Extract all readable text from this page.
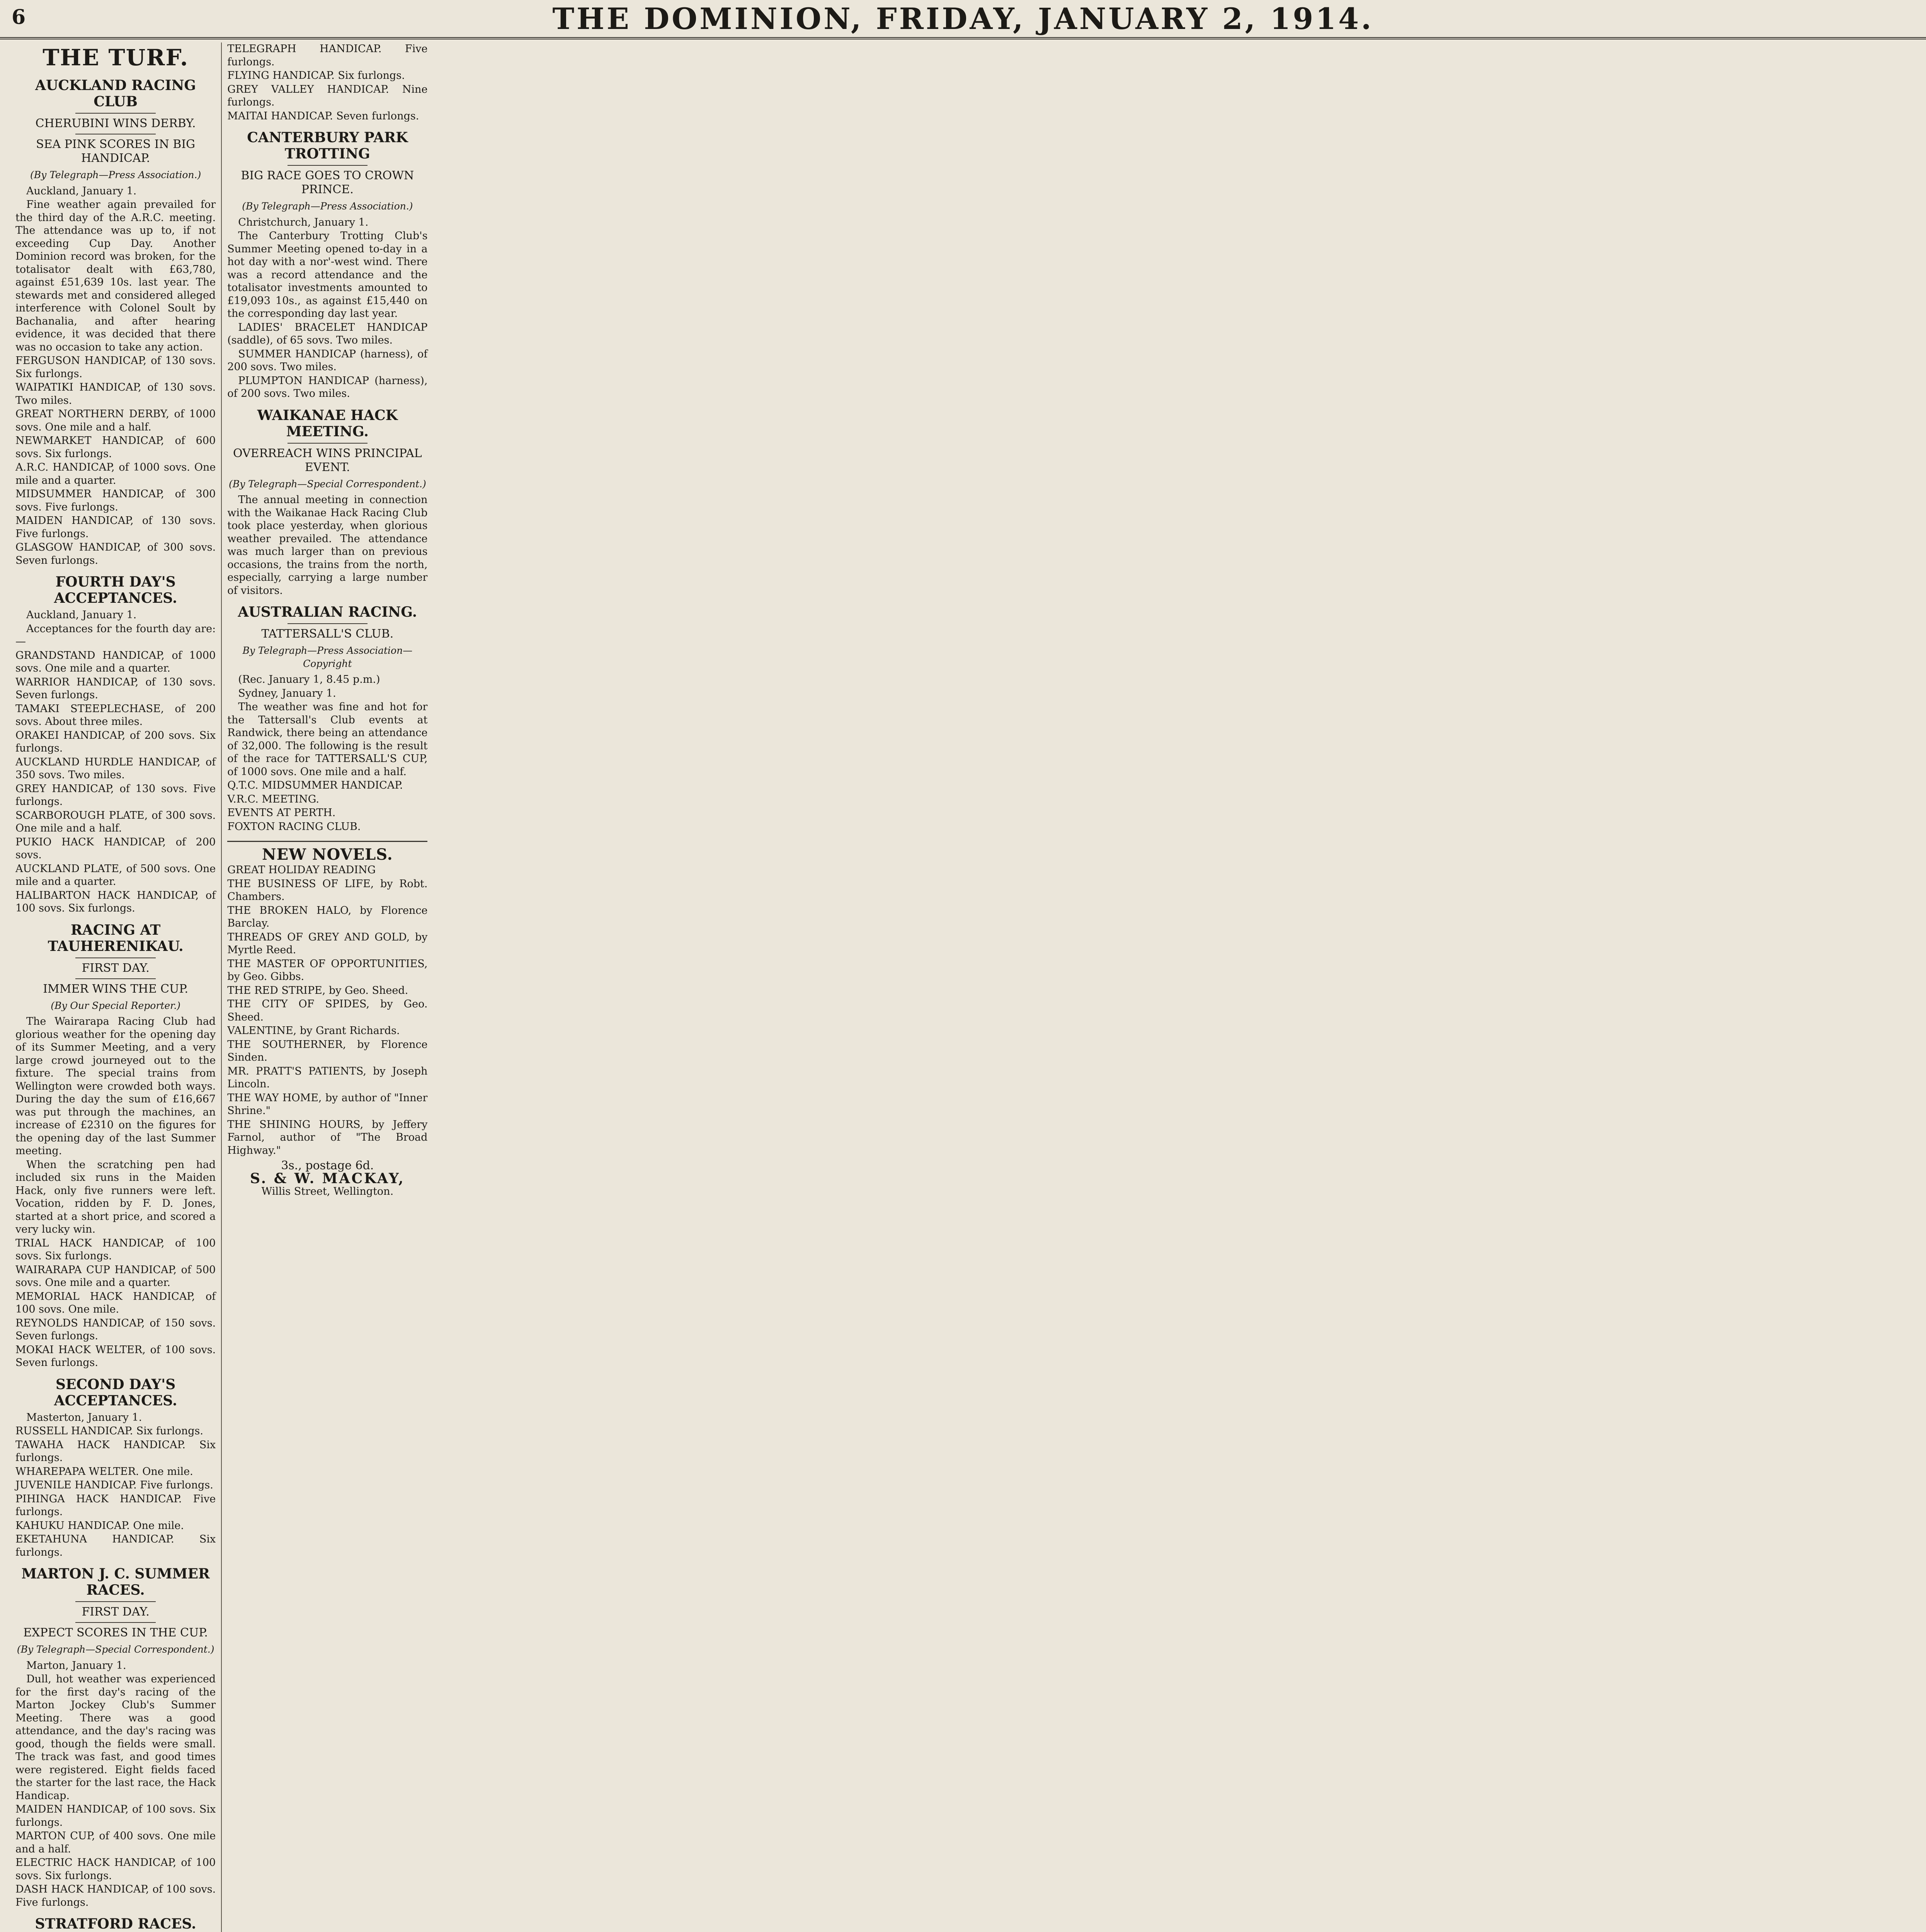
6	THE DOMINION, FRIDAY, JANUARY 2, 1914.
THE TURF.
AUCKLAND RACING CLUB
CHERUBINI WINS DERBY.
SEA PINK SCORES IN BIG HANDICAP.
(By Telegraph—Press Association.)

Auckland, January 1.

Fine weather again prevailed for the third day of the A.R.C. meeting. The attendance was up to, if not exceeding Cup Day. Another Dominion record was broken, for the totalisator dealt with £63,780, against £51,639 10s. last year. The stewards met and considered alleged interference with Colonel Soult by Bachanalia, and after hearing evidence, it was decided that there was no occasion to take any action.

FERGUSON HANDICAP, of 130 sovs. Six furlongs.

WAIPATIKI HANDICAP, of 130 sovs. Two miles.

GREAT NORTHERN DERBY, of 1000 sovs. One mile and a half.

NEWMARKET HANDICAP, of 600 sovs. Six furlongs.

A.R.C. HANDICAP, of 1000 sovs. One mile and a quarter.

MIDSUMMER HANDICAP, of 300 sovs. Five furlongs.

MAIDEN HANDICAP, of 130 sovs. Five furlongs.

GLASGOW HANDICAP, of 300 sovs. Seven furlongs.

FOURTH DAY'S ACCEPTANCES.

Auckland, January 1.

Acceptances for the fourth day are:—

GRANDSTAND HANDICAP, of 1000 sovs. One mile and a quarter.

WARRIOR HANDICAP, of 130 sovs. Seven furlongs.

TAMAKI STEEPLECHASE, of 200 sovs. About three miles.

ORAKEI HANDICAP, of 200 sovs. Six furlongs.

AUCKLAND HURDLE HANDICAP, of 350 sovs. Two miles.

GREY HANDICAP, of 130 sovs. Five furlongs.

SCARBOROUGH PLATE, of 300 sovs. One mile and a half.

PUKIO HACK HANDICAP, of 200 sovs.

AUCKLAND PLATE, of 500 sovs. One mile and a quarter.

HALIBARTON HACK HANDICAP, of 100 sovs. Six furlongs.

RACING AT TAUHERENIKAU.
FIRST DAY.
IMMER WINS THE CUP.
(By Our Special Reporter.)

The Wairarapa Racing Club had glorious weather for the opening day of its Summer Meeting, and a very large crowd journeyed out to the fixture. The special trains from Wellington were crowded both ways. During the day the sum of £16,667 was put through the machines, an increase of £2310 on the figures for the opening day of the last Summer meeting.

When the scratching pen had included six runs in the Maiden Hack, only five runners were left. Vocation, ridden by F. D. Jones, started at a short price, and scored a very lucky win.

TRIAL HACK HANDICAP, of 100 sovs. Six furlongs.

WAIRARAPA CUP HANDICAP, of 500 sovs. One mile and a quarter.

MEMORIAL HACK HANDICAP, of 100 sovs. One mile.

REYNOLDS HANDICAP, of 150 sovs. Seven furlongs.

MOKAI HACK WELTER, of 100 sovs. Seven furlongs.

SECOND DAY'S ACCEPTANCES.

Masterton, January 1.

RUSSELL HANDICAP. Six furlongs.

TAWAHA HACK HANDICAP. Six furlongs.

WHAREPAPA WELTER. One mile.

JUVENILE HANDICAP. Five furlongs.

PIHINGA HACK HANDICAP. Five furlongs.

KAHUKU HANDICAP. One mile.

EKETAHUNA HANDICAP. Six furlongs.

MARTON J. C. SUMMER RACES.
FIRST DAY.
EXPECT SCORES IN THE CUP.
(By Telegraph—Special Correspondent.)

Marton, January 1.

Dull, hot weather was experienced for the first day's racing of the Marton Jockey Club's Summer Meeting. There was a good attendance, and the day's racing was good, though the fields were small. The track was fast, and good times were registered. Eight fields faced the starter for the last race, the Hack Handicap.

MAIDEN HANDICAP, of 100 sovs. Six furlongs.

MARTON CUP, of 400 sovs. One mile and a half.

ELECTRIC HACK HANDICAP, of 100 sovs. Six furlongs.

DASH HACK HANDICAP, of 100 sovs. Five furlongs.

STRATFORD RACES.

TELEGRAPH HANDICAP. Five furlongs.

FLYING HANDICAP. Six furlongs.

GREY VALLEY HANDICAP. Nine furlongs.

MAITAI HANDICAP. Seven furlongs.

CANTERBURY PARK TROTTING
BIG RACE GOES TO CROWN PRINCE.
(By Telegraph—Press Association.)

Christchurch, January 1.

The Canterbury Trotting Club's Summer Meeting opened to-day in a hot day with a nor'-west wind. There was a record attendance and the totalisator investments amounted to £19,093 10s., as against £15,440 on the corresponding day last year.

LADIES' BRACELET HANDICAP (saddle), of 65 sovs. Two miles.

SUMMER HANDICAP (harness), of 200 sovs. Two miles.

PLUMPTON HANDICAP (harness), of 200 sovs. Two miles.

WAIKANAE HACK MEETING.
OVERREACH WINS PRINCIPAL EVENT.
(By Telegraph—Special Correspondent.)

The annual meeting in connection with the Waikanae Hack Racing Club took place yesterday, when glorious weather prevailed. The attendance was much larger than on previous occasions, the trains from the north, especially, carrying a large number of visitors.

AUSTRALIAN RACING.
TATTERSALL'S CLUB.
By Telegraph—Press Association—Copyright

(Rec. January 1, 8.45 p.m.)

Sydney, January 1.

The weather was fine and hot for the Tattersall's Club events at Randwick, there being an attendance of 32,000. The following is the result of the race for TATTERSALL'S CUP, of 1000 sovs. One mile and a half.

Q.T.C. MIDSUMMER HANDICAP.

V.R.C. MEETING.

EVENTS AT PERTH.

FOXTON RACING CLUB.

NEW NOVELS.

GREAT HOLIDAY READING

THE BUSINESS OF LIFE, by Robt. Chambers.

THE BROKEN HALO, by Florence Barclay.

THREADS OF GREY AND GOLD, by Myrtle Reed.

THE MASTER OF OPPORTUNITIES, by Geo. Gibbs.

THE RED STRIPE, by Geo. Sheed.

THE CITY OF SPIDES, by Geo. Sheed.

VALENTINE, by Grant Richards.

THE SOUTHERNER, by Florence Sinden.

MR. PRATT'S PATIENTS, by Joseph Lincoln.

THE WAY HOME, by author of "Inner Shrine."

THE SHINING HOURS, by Jeffery Farnol, author of "The Broad Highway."

3s., postage 6d.
S. & W. MACKAY,
Willis Street, Wellington.
